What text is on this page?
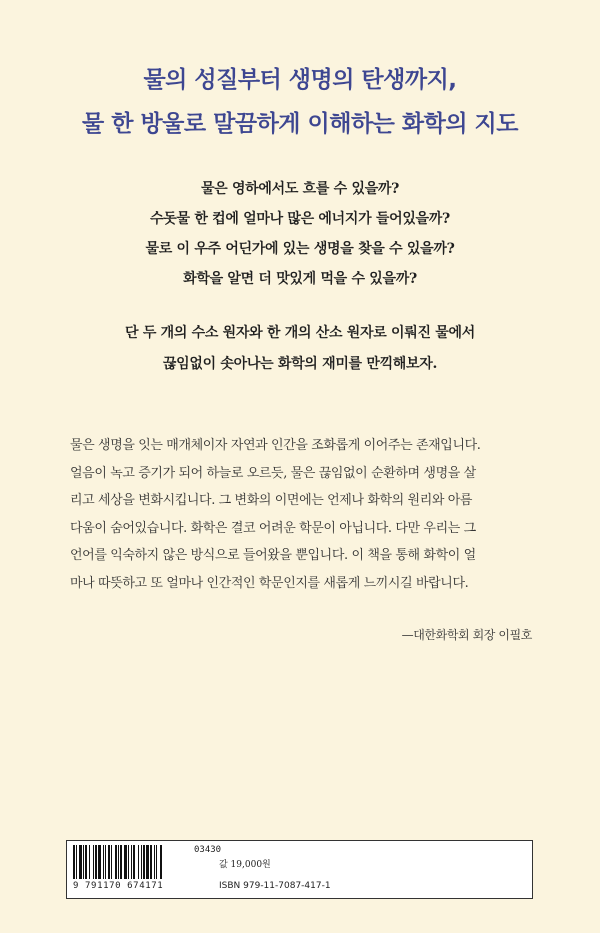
물의 성질부터 생명의 탄생까지,
물 한 방울로 말끔하게 이해하는 화학의 지도
물은 영하에서도 흐를 수 있을까?
수돗물 한 컵에 얼마나 많은 에너지가 들어있을까?
물로 이 우주 어딘가에 있는 생명을 찾을 수 있을까?
화학을 알면 더 맛있게 먹을 수 있을까?
단 두 개의 수소 원자와 한 개의 산소 원자로 이뤄진 물에서
끊임없이 솟아나는 화학의 재미를 만끽해보자.
물은 생명을 잇는 매개체이자 자연과 인간을 조화롭게 이어주는 존재입니다.
얼음이 녹고 증기가 되어 하늘로 오르듯, 물은 끊임없이 순환하며 생명을 살
리고 세상을 변화시킵니다. 그 변화의 이면에는 언제나 화학의 원리와 아름
다움이 숨어있습니다. 화학은 결코 어려운 학문이 아닙니다. 다만 우리는 그
언어를 익숙하지 않은 방식으로 들어왔을 뿐입니다. 이 책을 통해 화학이 얼
마나 따뜻하고 또 얼마나 인간적인 학문인지를 새롭게 느끼시길 바랍니다.
—대한화학회 회장 이필호
9 791170 674171
03430
값 19,000원
ISBN 979-11-7087-417-1
